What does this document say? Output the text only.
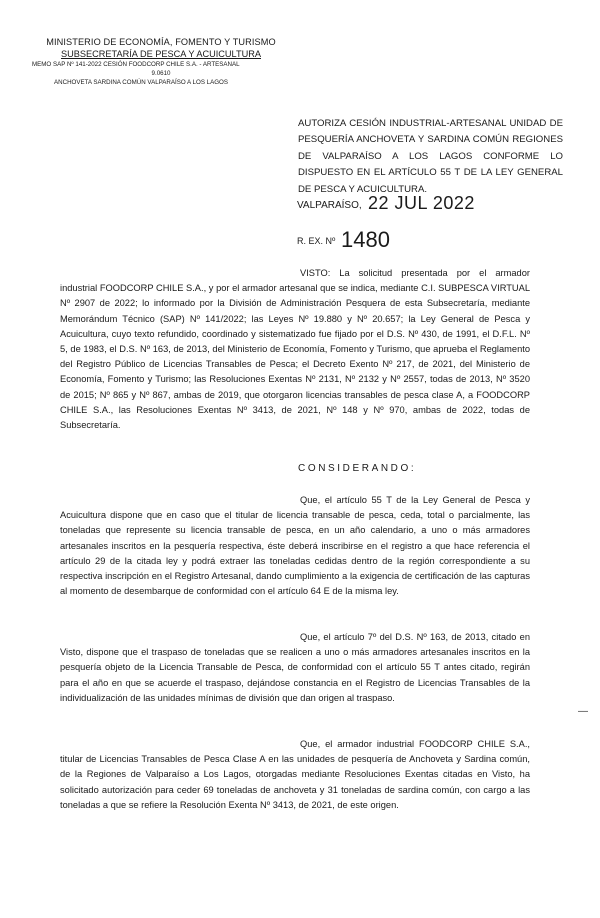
MINISTERIO DE ECONOMÍA, FOMENTO Y TURISMO
SUBSECRETARÍA DE PESCA Y ACUICULTURA
MEMO SAP Nº 141-2022 CESIÓN FOODCORP CHILE S.A. - ARTESANAL
9.0610
ANCHOVETA SARDINA COMÚN VALPARAÍSO A LOS LAGOS
AUTORIZA CESIÓN INDUSTRIAL-ARTESANAL UNIDAD DE PESQUERÍA ANCHOVETA Y SARDINA COMÚN REGIONES DE VALPARAÍSO A LOS LAGOS CONFORME LO DISPUESTO EN EL ARTÍCULO 55 T DE LA LEY GENERAL DE PESCA Y ACUICULTURA.
VALPARAÍSO, 22 JUL 2022
R. EX. Nº 1480
VISTO: La solicitud presentada por el armador industrial FOODCORP CHILE S.A., y por el armador artesanal que se indica, mediante C.I. SUBPESCA VIRTUAL Nº 2907 de 2022; lo informado por la División de Administración Pesquera de esta Subsecretaría, mediante Memorándum Técnico (SAP) Nº 141/2022; las Leyes Nº 19.880 y Nº 20.657; la Ley General de Pesca y Acuicultura, cuyo texto refundido, coordinado y sistematizado fue fijado por el D.S. Nº 430, de 1991, el D.F.L. Nº 5, de 1983, el D.S. Nº 163, de 2013, del Ministerio de Economía, Fomento y Turismo, que aprueba el Reglamento del Registro Público de Licencias Transables de Pesca; el Decreto Exento Nº 217, de 2021, del Ministerio de Economía, Fomento y Turismo; las Resoluciones Exentas Nº 2131, Nº 2132 y Nº 2557, todas de 2013, Nº 3520 de 2015; Nº 865 y Nº 867, ambas de 2019, que otorgaron licencias transables de pesca clase A, a FOODCORP CHILE S.A., las Resoluciones Exentas Nº 3413, de 2021, Nº 148 y Nº 970, ambas de 2022, todas de Subsecretaría.
CONSIDERANDO:
Que, el artículo 55 T de la Ley General de Pesca y Acuicultura dispone que en caso que el titular de licencia transable de pesca, ceda, total o parcialmente, las toneladas que represente su licencia transable de pesca, en un año calendario, a uno o más armadores artesanales inscritos en la pesquería respectiva, éste deberá inscribirse en el registro a que hace referencia el artículo 29 de la citada ley y podrá extraer las toneladas cedidas dentro de la región correspondiente a su respectiva inscripción en el Registro Artesanal, dando cumplimiento a la exigencia de certificación de las capturas al momento de desembarque de conformidad con el artículo 64 E de la misma ley.
Que, el artículo 7º del D.S. Nº 163, de 2013, citado en Visto, dispone que el traspaso de toneladas que se realicen a uno o más armadores artesanales inscritos en la pesquería objeto de la Licencia Transable de Pesca, de conformidad con el artículo 55 T antes citado, regirán para el año en que se acuerde el traspaso, dejándose constancia en el Registro de Licencias Transables de la individualización de las unidades mínimas de división que dan origen al traspaso.
Que, el armador industrial FOODCORP CHILE S.A., titular de Licencias Transables de Pesca Clase A en las unidades de pesquería de Anchoveta y Sardina común, de la Regiones de Valparaíso a Los Lagos, otorgadas mediante Resoluciones Exentas citadas en Visto, ha solicitado autorización para ceder 69 toneladas de anchoveta y 31 toneladas de sardina común, con cargo a las toneladas a que se refiere la Resolución Exenta Nº 3413, de 2021, de este origen.
—
